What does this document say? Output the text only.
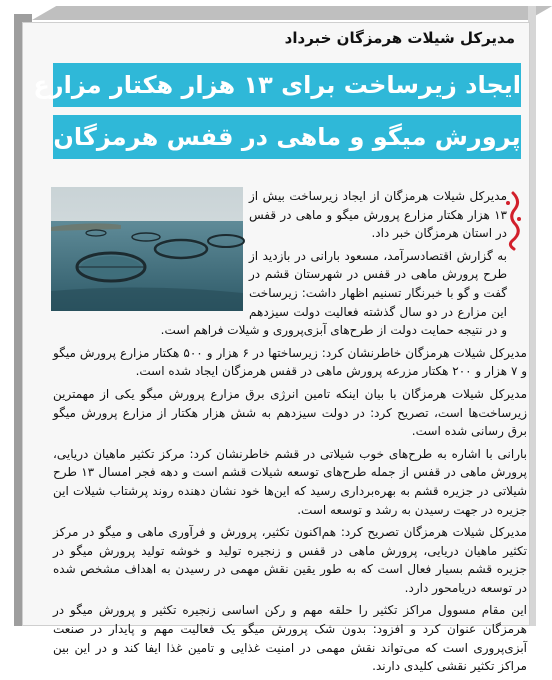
مدیرکل شیلات هرمزگان خبرداد
ایجاد زیرساخت برای ۱۳ هزار هکتار مزارع
پرورش میگو و ماهی در قفس هرمزگان

مدیرکل شیلات هرمزگان از ایجاد زیرساخت بیش از ۱۳ هزار هکتار مزارع پرورش میگو و ماهی در قفس در استان هرمزگان خبر داد.

به گزارش اقتصادسرآمد، مسعود بارانی در بازدید از طرح پرورش ماهی در قفس در شهرستان قشم در گفت و گو با خبرنگار تسنیم اظهار داشت: زیرساخت این مزارع در دو سال گذشته فعالیت دولت سیزدهم و در نتیجه حمایت دولت از طرح‌های آبزی‌پروری و شیلات فراهم است.

مدیرکل شیلات هرمزگان خاطرنشان کرد: زیرساختها در ۶ هزار و ۵۰۰ هکتار مزارع پرورش میگو و ۷ هزار و ۲۰۰ هکتار مزرعه پرورش ماهی در قفس هرمزگان ایجاد شده است.

مدیرکل شیلات هرمزگان با بیان اینکه تامین انرژی برق مزارع پرورش میگو یکی از مهمترین زیرساخت‌ها است، تصریح کرد: در دولت سیزدهم به شش هزار هکتار از مزارع پرورش میگو برق رسانی شده است.

بارانی با اشاره به طرح‌های خوب شیلاتی در قشم خاطرنشان کرد: مرکز تکثیر ماهیان دریایی، پرورش ماهی در قفس از جمله طرح‌های توسعه شیلات قشم است و دهه فجر امسال ۱۳ طرح شیلاتی در جزیره قشم به بهره‌برداری رسید که این‌ها خود نشان دهنده روند پرشتاب شیلات این جزیره در جهت رسیدن به رشد و توسعه است.

مدیرکل شیلات هرمزگان تصریح کرد: هم‌اکنون تکثیر، پرورش و فرآوری ماهی و میگو در مرکز تکثیر ماهیان دریایی، پرورش ماهی در قفس و زنجیره تولید و خوشه تولید پرورش میگو در جزیره قشم بسیار فعال است که به طور یقین نقش مهمی در رسیدن به اهداف مشخص شده در توسعه دریامحور دارد.

این مقام مسوول مراکز تکثیر را حلقه مهم و رکن اساسی زنجیره تکثیر و پرورش میگو در هرمزگان عنوان کرد و افزود: بدون شک پرورش میگو یک فعالیت مهم و پایدار در صنعت آبزی‌پروری است که می‌تواند نقش مهمی در امنیت غذایی و تامین غذا ایفا کند و در این بین مراکز تکثیر نقشی کلیدی دارند.
